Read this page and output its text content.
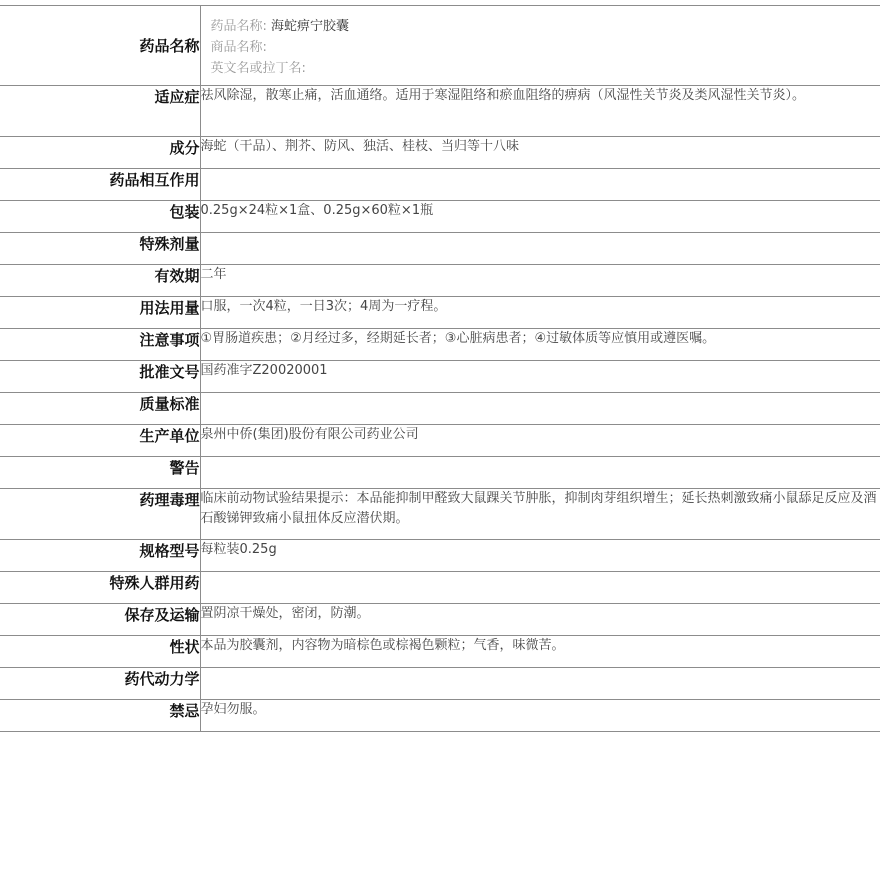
药品名称	药品名称: 海蛇痹宁胶囊
商品名称:
英文名或拉丁名:

适应症	祛风除湿，散寒止痛，活血通络。适用于寒湿阻络和瘀血阻络的痹病（风湿性关节炎及类风湿性关节炎）。
成分	海蛇（干品）、荆芥、防风、独活、桂枝、当归等十八味
药品相互作用	
包装	0.25g×24粒×1盒、0.25g×60粒×1瓶
特殊剂量	
有效期	二年
用法用量	口服，一次4粒，一日3次；4周为一疗程。
注意事项	①胃肠道疾患；②月经过多，经期延长者；③心脏病患者；④过敏体质等应慎用或遵医嘱。
批准文号	国药准字Z20020001
质量标准	
生产单位	泉州中侨(集团)股份有限公司药业公司
警告	
药理毒理	临床前动物试验结果提示：本品能抑制甲醛致大鼠踝关节肿胀，抑制肉芽组织增生；延长热刺激致痛小鼠舔足反应及酒石酸锑钾致痛小鼠扭体反应潜伏期。
规格型号	每粒装0.25g
特殊人群用药	
保存及运输	置阴凉干燥处，密闭，防潮。
性状	本品为胶囊剂，内容物为暗棕色或棕褐色颗粒；气香，味微苦。
药代动力学	
禁忌	孕妇勿服。
